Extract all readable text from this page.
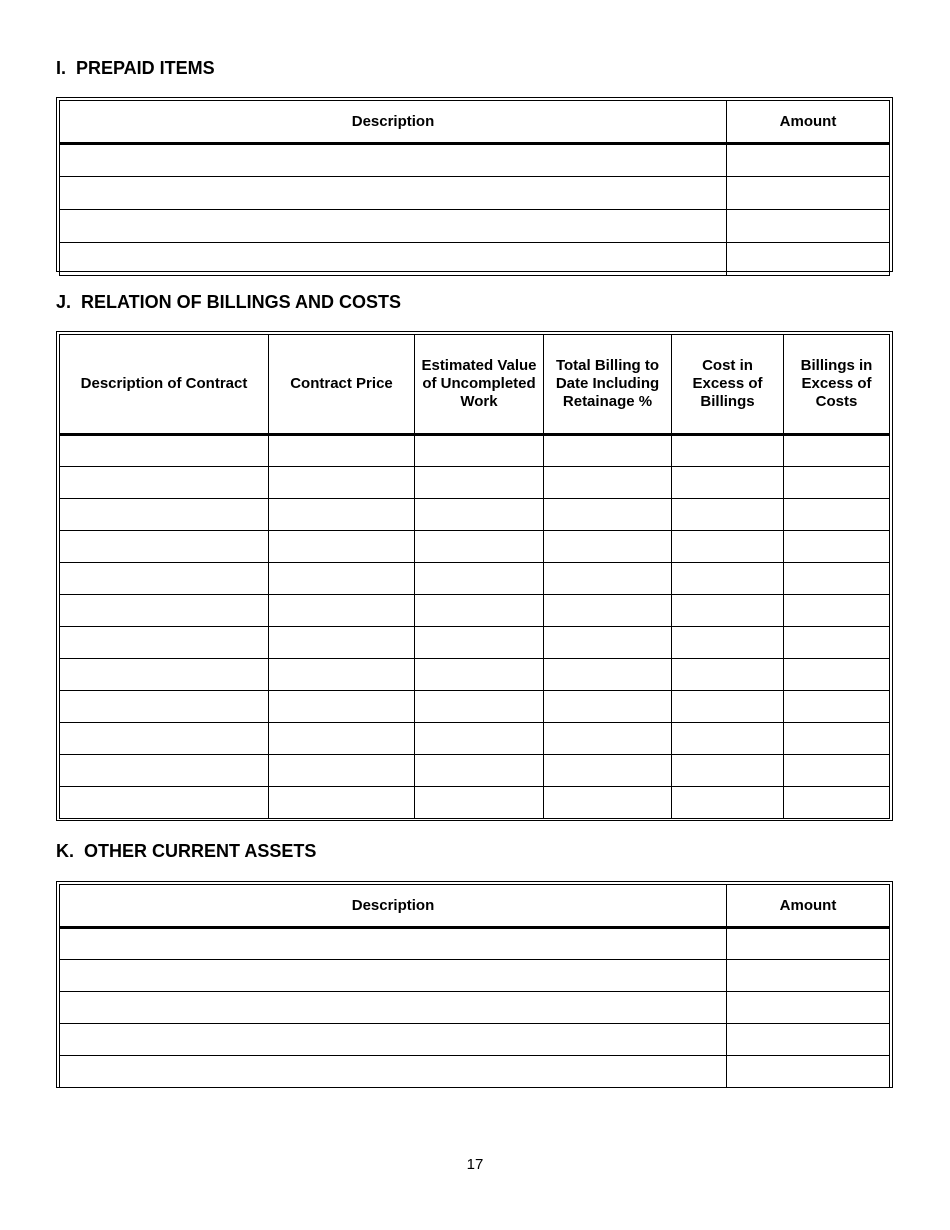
I.  PREPAID ITEMS
Description	Amount

J.  RELATION OF BILLINGS AND COSTS
Description of Contract	Contract Price	Estimated Value of Uncompleted Work	Total Billing to Date Including Retainage %	Cost in Excess of Billings	Billings in Excess of Costs

K.  OTHER CURRENT ASSETS
Description	Amount

17
